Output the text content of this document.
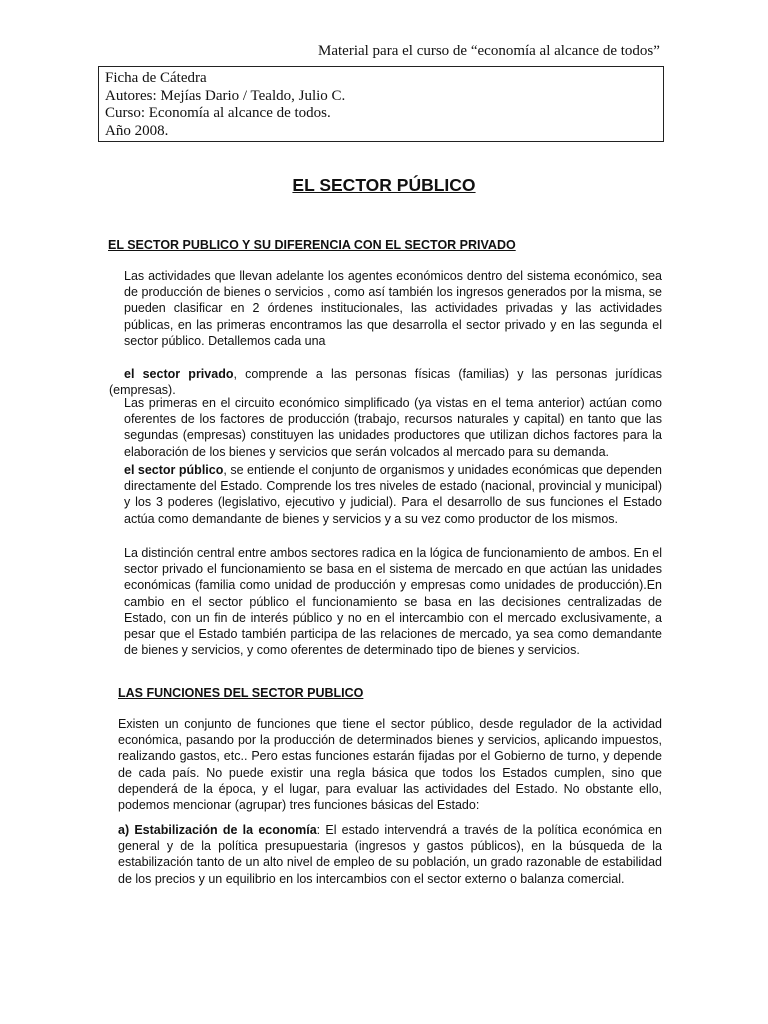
Material para el curso de “economía al alcance de todos”
Ficha de Cátedra
Autores: Mejías Dario / Tealdo, Julio C.
Curso: Economía al alcance de todos.
Año 2008.
EL SECTOR PÚBLICO
EL SECTOR PUBLICO Y SU DIFERENCIA CON EL SECTOR PRIVADO

Las actividades que llevan adelante los agentes económicos dentro del sistema económico, sea de producción de bienes o servicios , como así también los ingresos generados por la misma, se pueden clasificar en 2 órdenes institucionales, las actividades privadas y las actividades públicas, en las primeras encontramos las que desarrolla el sector privado y en las segunda el sector público. Detallemos cada una

el sector privado, comprende a las personas físicas (familias) y las personas jurídicas (empresas).

Las primeras en el circuito económico simplificado (ya vistas en el tema anterior) actúan como oferentes de los factores de producción (trabajo, recursos naturales y capital) en tanto que las segundas (empresas) constituyen las unidades productores que utilizan dichos factores para la elaboración de los bienes y servicios que serán volcados al mercado para su demanda.

el sector público, se entiende el conjunto de organismos y unidades económicas que dependen directamente del Estado. Comprende los tres niveles de estado (nacional, provincial y municipal) y los 3 poderes (legislativo, ejecutivo y judicial). Para el desarrollo de sus funciones el Estado actúa como demandante de bienes y servicios y a su vez como productor de los mismos.

La distinción central entre ambos sectores radica en la lógica de funcionamiento de ambos. En el sector privado el funcionamiento se basa en el sistema de mercado en que actúan las unidades económicas (familia como unidad de producción y empresas como unidades de producción).En cambio en el sector público el funcionamiento se basa en las decisiones centralizadas de Estado, con un fin de interés público y no en el intercambio con el mercado exclusivamente, a pesar que el Estado también participa de las relaciones de mercado, ya sea como demandante de bienes y servicios, y como oferentes de determinado tipo de bienes y servicios.

LAS FUNCIONES DEL SECTOR PUBLICO

Existen un conjunto de funciones que tiene el sector público, desde regulador de la actividad económica, pasando por la producción de determinados bienes y servicios, aplicando impuestos, realizando gastos, etc.. Pero estas funciones estarán fijadas por el Gobierno de turno, y depende de cada país. No puede existir una regla básica que todos los Estados cumplen, sino que dependerá de la época, y el lugar, para evaluar las actividades del Estado. No obstante ello, podemos mencionar (agrupar) tres funciones básicas del Estado:

a) Estabilización de la economía: El estado intervendrá a través de la política económica en general y de la política presupuestaria (ingresos y gastos públicos), en la búsqueda de la estabilización tanto de un alto nivel de empleo de su población, un grado razonable de estabilidad de los precios y un equilibrio en los intercambios con el sector externo o balanza comercial.
